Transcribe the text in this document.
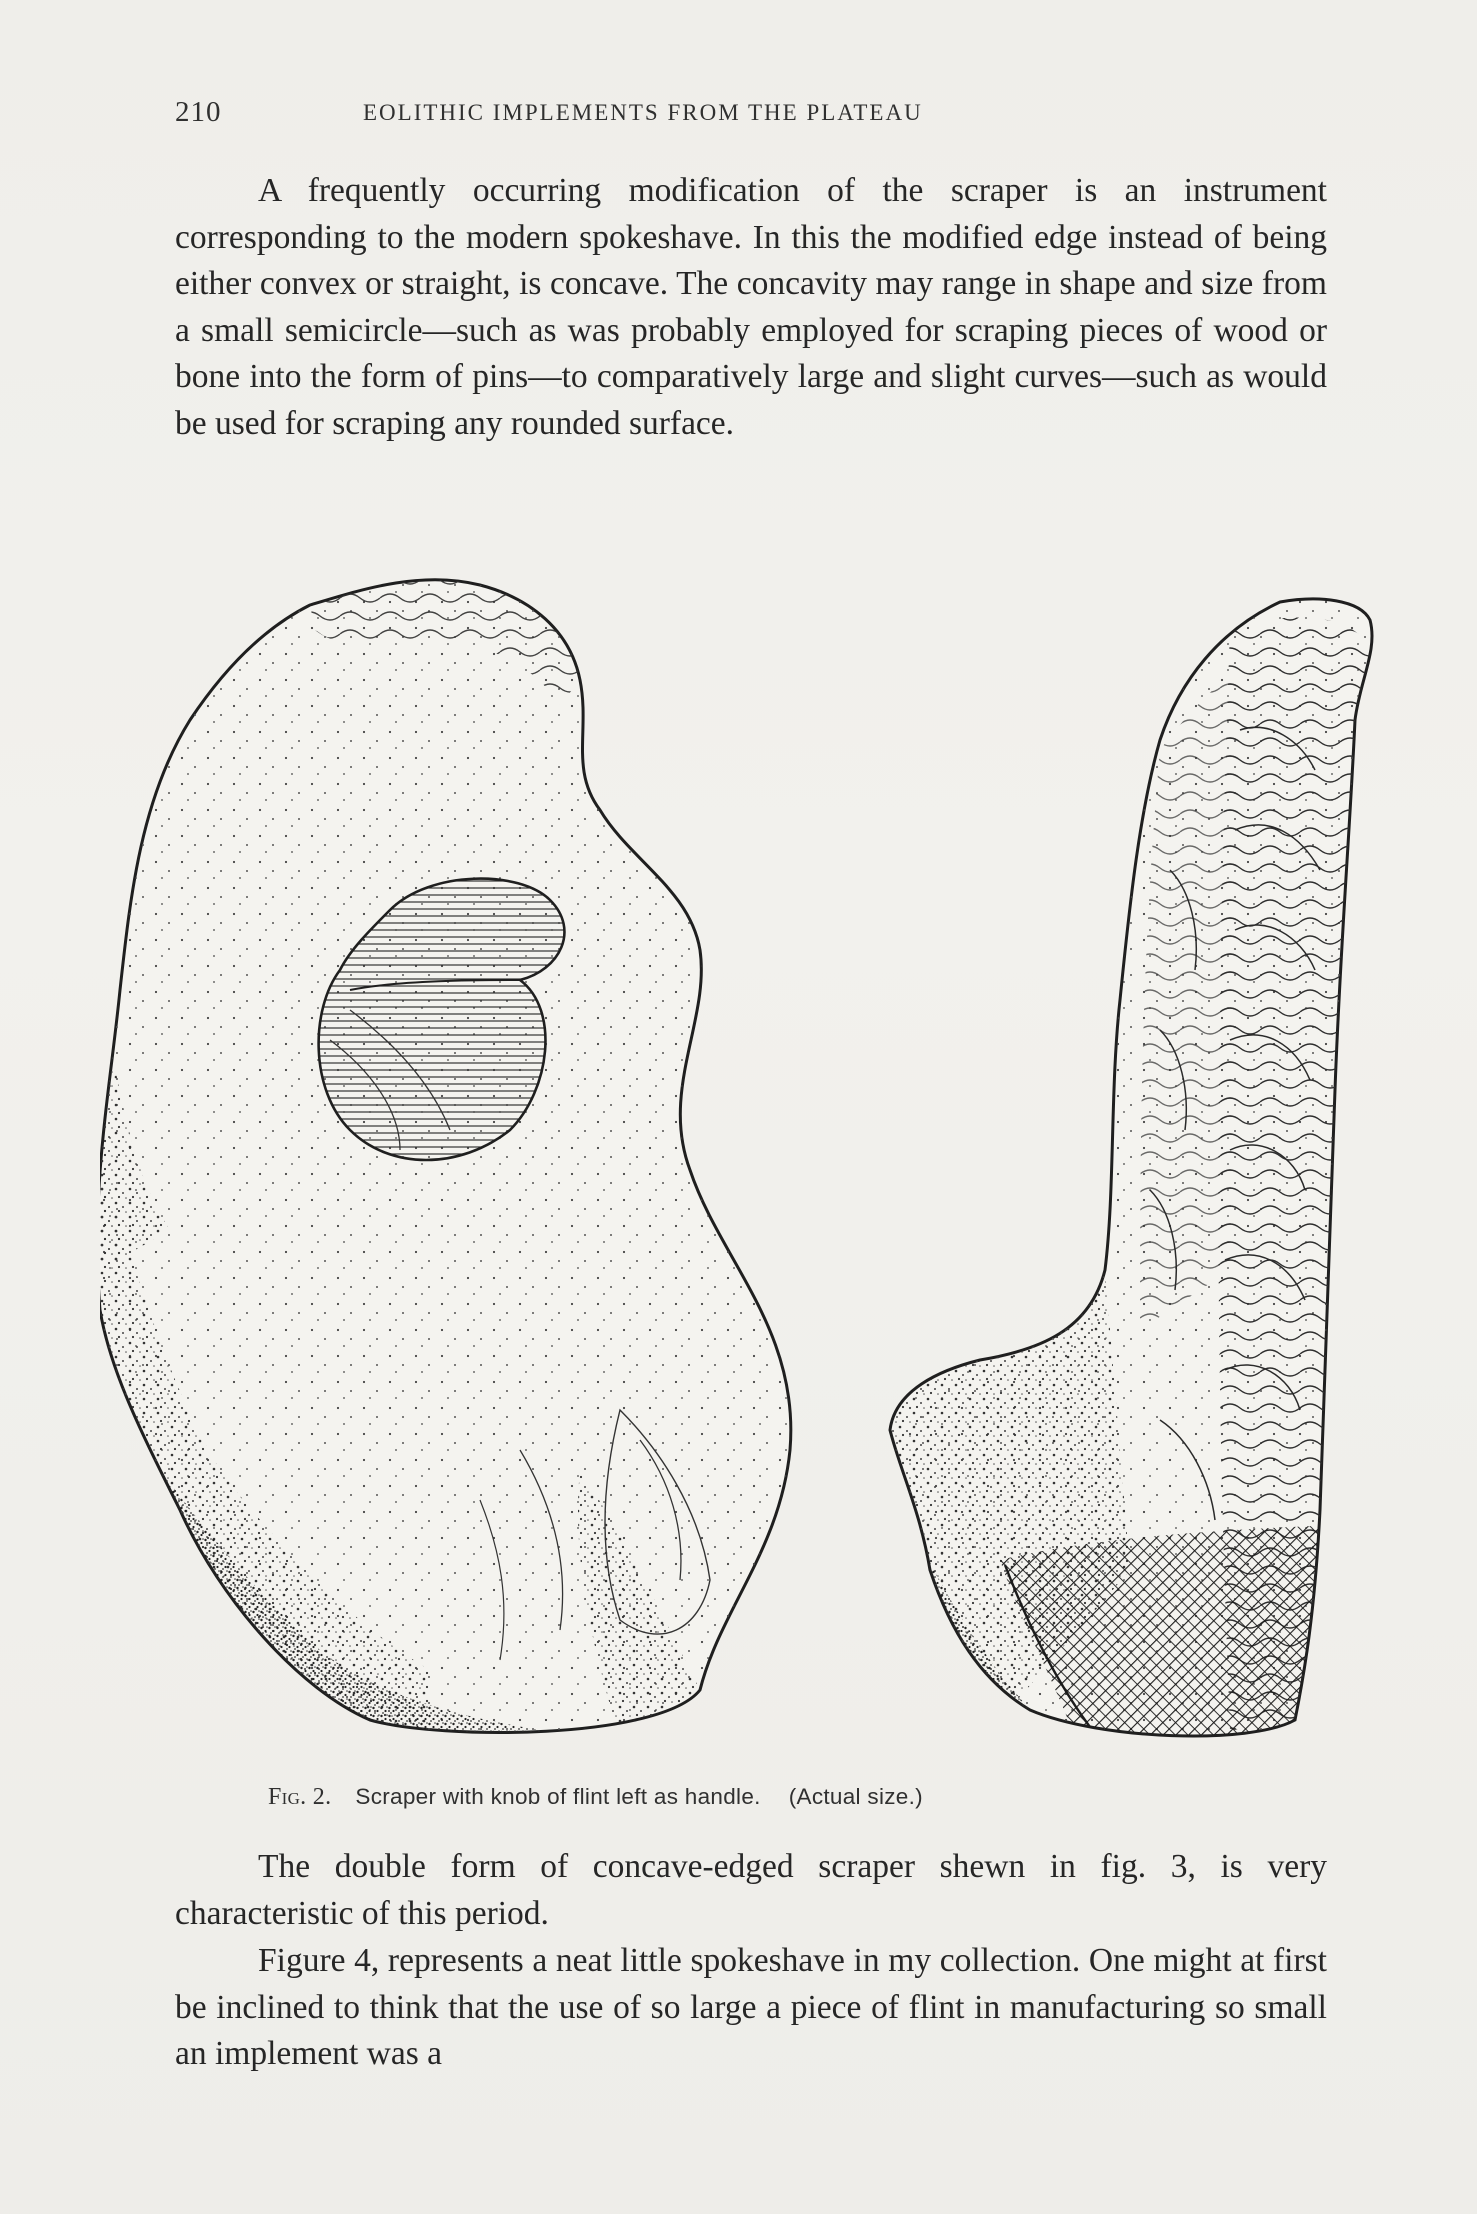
210	EOLITHIC IMPLEMENTS FROM THE PLATEAU

A frequently occurring modification of the scraper is an instrument corresponding to the modern spokeshave. In this the modified edge instead of being either convex or straight, is concave. The concavity may range in shape and size from a small semicircle—such as was probably employed for scraping pieces of wood or bone into the form of pins—to comparatively large and slight curves—such as would be used for scraping any rounded surface.

Fig. 2. Scraper with knob of flint left as handle. (Actual size.)

The double form of concave-edged scraper shewn in fig. 3, is very characteristic of this period.

Figure 4, represents a neat little spokeshave in my collection. One might at first be inclined to think that the use of so large a piece of flint in manufacturing so small an implement was a
